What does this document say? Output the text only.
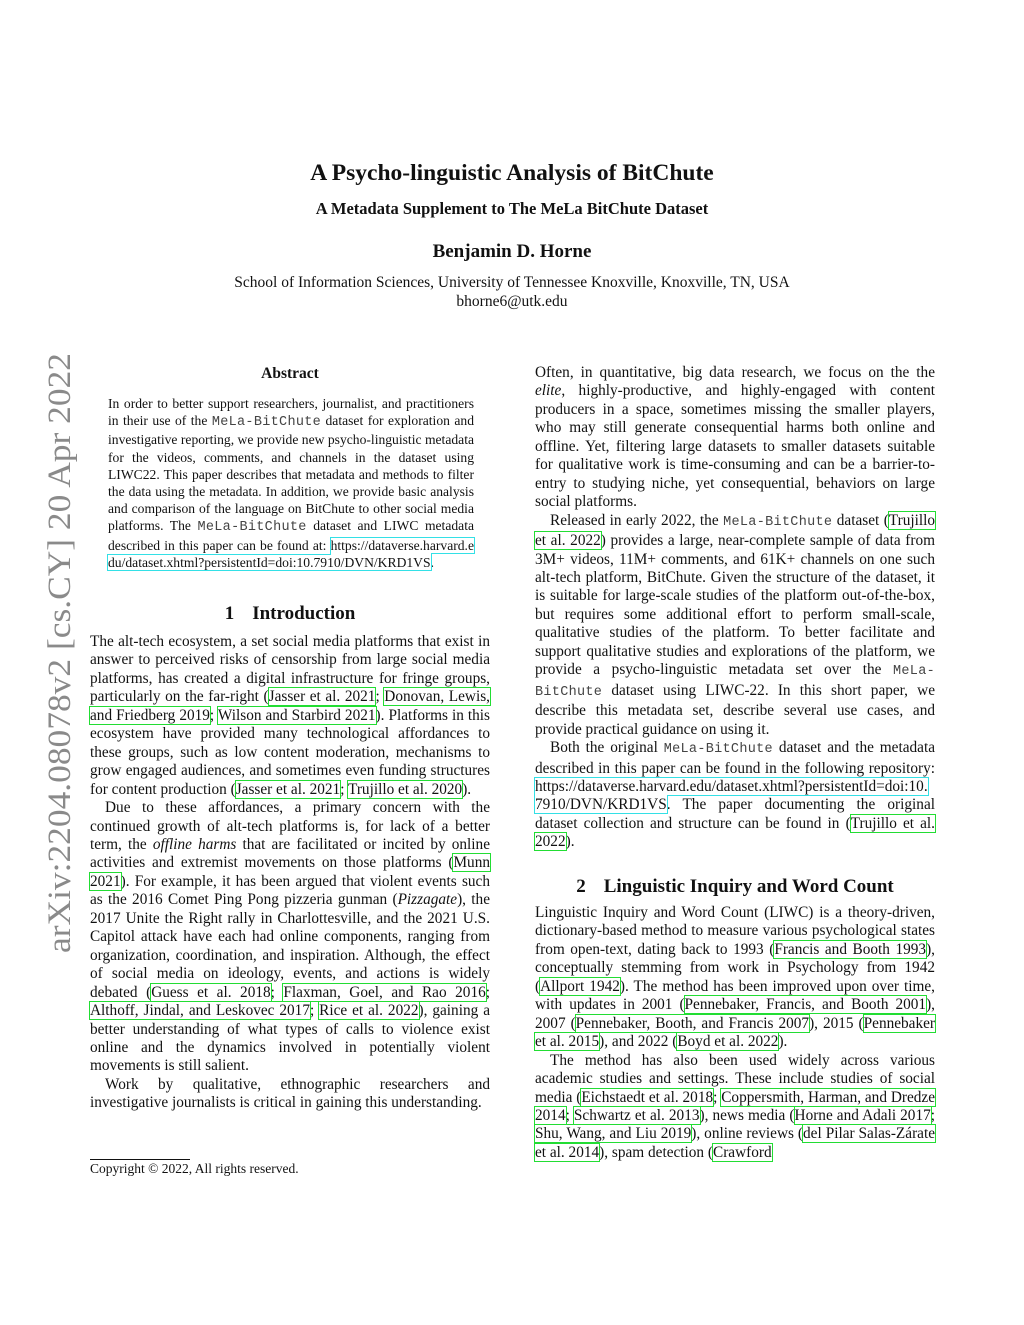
arXiv:2204.08078v2 [cs.CY] 20 Apr 2022
A Psycho-linguistic Analysis of BitChute
A Metadata Supplement to The MeLa BitChute Dataset
Benjamin D. Horne
School of Information Sciences, University of Tennessee Knoxville, Knoxville, TN, USA
bhorne6@utk.edu
Abstract
In order to better support researchers, journalist, and practitioners in their use of the MeLa-BitChute dataset for exploration and investigative reporting, we provide new psycho-linguistic metadata for the videos, comments, and channels in the dataset using LIWC22. This paper describes that metadata and methods to filter the data using the metadata. In addition, we provide basic analysis and comparison of the language on BitChute to other social media platforms. The MeLa-BitChute dataset and LIWC metadata described in this paper can be found at: https://dataverse.harvard.edu/dataset.xhtml?persistentId=doi:10.7910/DVN/KRD1VS.
1 Introduction

The alt-tech ecosystem, a set social media platforms that exist in answer to perceived risks of censorship from large social media platforms, has created a digital infrastructure for fringe groups, particularly on the far-right (Jasser et al. 2021; Donovan, Lewis, and Friedberg 2019; Wilson and Starbird 2021). Platforms in this ecosystem have provided many technological affordances to these groups, such as low content moderation, mechanisms to grow engaged audiences, and sometimes even funding structures for content production (Jasser et al. 2021; Trujillo et al. 2020).

Due to these affordances, a primary concern with the continued growth of alt-tech platforms is, for lack of a better term, the offline harms that are facilitated or incited by online activities and extremist movements on those platforms (Munn 2021). For example, it has been argued that violent events such as the 2016 Comet Ping Pong pizzeria gunman (Pizzagate), the 2017 Unite the Right rally in Charlottesville, and the 2021 U.S. Capitol attack have each had online components, ranging from organization, coordination, and inspiration. Although, the effect of social media on ideology, events, and actions is widely debated (Guess et al. 2018; Flaxman, Goel, and Rao 2016; Althoff, Jindal, and Leskovec 2017; Rice et al. 2022), gaining a better understanding of what types of calls to violence exist online and the dynamics involved in potentially violent movements is still salient.

Work by qualitative, ethnographic researchers and investigative journalists is critical in gaining this understanding.

Copyright © 2022, All rights reserved.

Often, in quantitative, big data research, we focus on the the elite, highly-productive, and highly-engaged with content producers in a space, sometimes missing the smaller players, who may still generate consequential harms both online and offline. Yet, filtering large datasets to smaller datasets suitable for qualitative work is time-consuming and can be a barrier-to-entry to studying niche, yet consequential, behaviors on large social platforms.

Released in early 2022, the MeLa-BitChute dataset (Trujillo et al. 2022) provides a large, near-complete sample of data from 3M+ videos, 11M+ comments, and 61K+ channels on one such alt-tech platform, BitChute. Given the structure of the dataset, it is suitable for large-scale studies of the platform out-of-the-box, but requires some additional effort to perform small-scale, qualitative studies of the platform. To better facilitate and support qualitative studies and explorations of the platform, we provide a psycho-linguistic metadata set over the MeLa-BitChute dataset using LIWC-22. In this short paper, we describe this metadata set, describe several use cases, and provide practical guidance on using it.

Both the original MeLa-BitChute dataset and the metadata described in this paper can be found in the following repository: https://dataverse.harvard.edu/dataset.xhtml?persistentId=doi:10.7910/DVN/KRD1VS. The paper documenting the original dataset collection and structure can be found in (Trujillo et al. 2022).

2 Linguistic Inquiry and Word Count

Linguistic Inquiry and Word Count (LIWC) is a theory-driven, dictionary-based method to measure various psychological states from open-text, dating back to 1993 (Francis and Booth 1993), conceptually stemming from work in Psychology from 1942 (Allport 1942). The method has been improved upon over time, with updates in 2001 (Pennebaker, Francis, and Booth 2001), 2007 (Pennebaker, Booth, and Francis 2007), 2015 (Pennebaker et al. 2015), and 2022 (Boyd et al. 2022).

The method has also been used widely across various academic studies and settings. These include studies of social media (Eichstaedt et al. 2018; Coppersmith, Harman, and Dredze 2014; Schwartz et al. 2013), news media (Horne and Adali 2017; Shu, Wang, and Liu 2019), online reviews (del Pilar Salas-Zárate et al. 2014), spam detection (Crawford
